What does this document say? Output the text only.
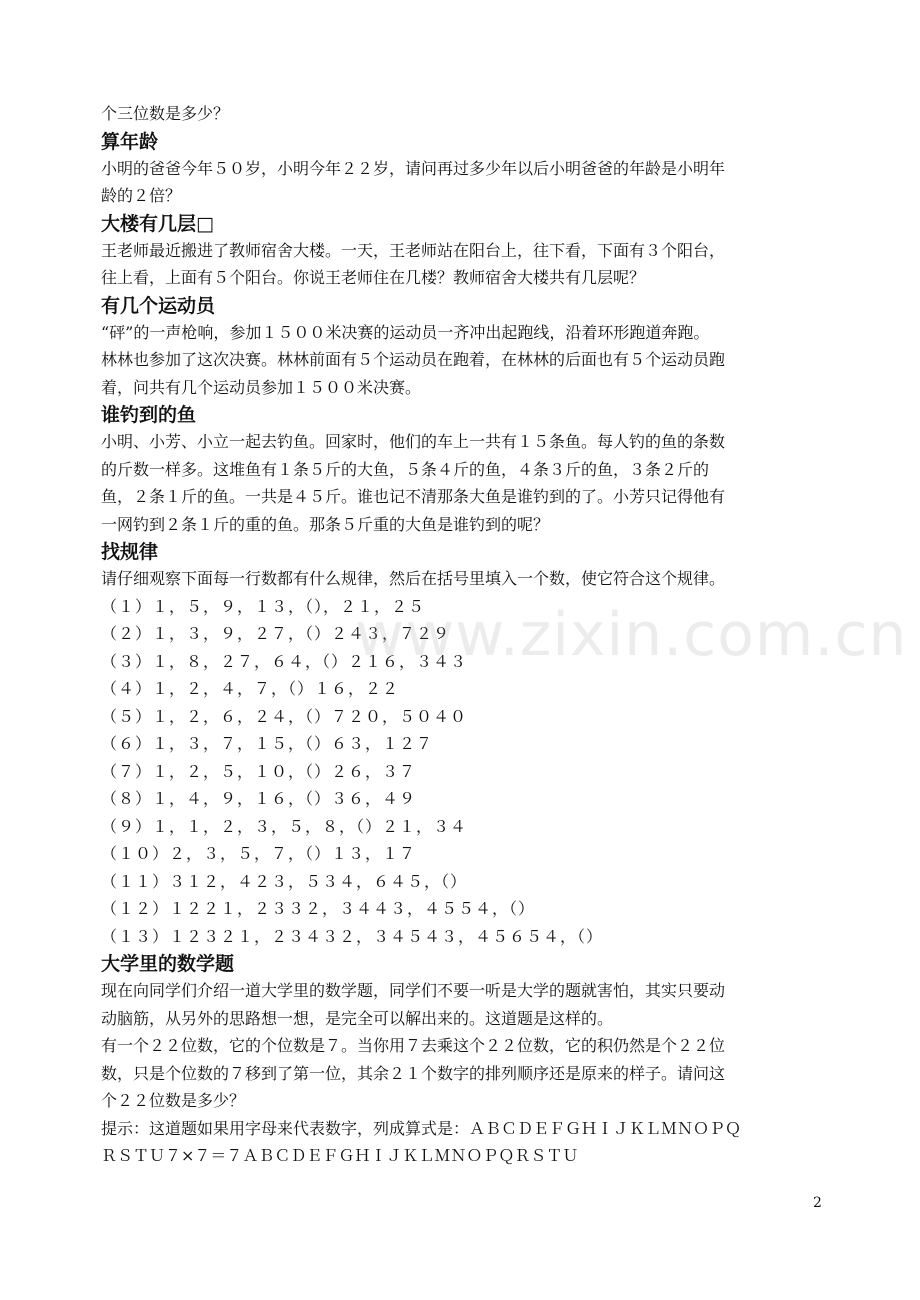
个三位数是多少？
算年龄
小明的爸爸今年５０岁，小明今年２２岁，请问再过多少年以后小明爸爸的年龄是小明年
龄的２倍？
大楼有几层□
王老师最近搬进了教师宿舍大楼。一天，王老师站在阳台上，往下看，下面有３个阳台，
往上看，上面有５个阳台。你说王老师住在几楼？教师宿舍大楼共有几层呢？
有几个运动员
“砰”的一声枪响，参加１５００米决赛的运动员一齐冲出起跑线，沿着环形跑道奔跑。
林林也参加了这次决赛。林林前面有５个运动员在跑着，在林林的后面也有５个运动员跑
着，问共有几个运动员参加１５００米决赛。
谁钓到的鱼
小明、小芳、小立一起去钓鱼。回家时，他们的车上一共有１５条鱼。每人钓的鱼的条数
的斤数一样多。这堆鱼有１条５斤的大鱼，５条４斤的鱼，４条３斤的鱼，３条２斤的
鱼，２条１斤的鱼。一共是４５斤。谁也记不清那条大鱼是谁钓到的了。小芳只记得他有
一网钓到２条１斤的重的鱼。那条５斤重的大鱼是谁钓到的呢？
找规律
请仔细观察下面每一行数都有什么规律，然后在括号里填入一个数，使它符合这个规律。
（１）１，５，９，１３，（），２１，２５
（２）１，３，９，２７，（）２４３，７２９
（３）１，８，２７，６４，（）２１６，３４３
（４）１，２，４，７，（）１６，２２
（５）１，２，６，２４，（）７２０，５０４０
（６）１，３，７，１５，（）６３，１２７
（７）１，２，５，１０，（）２６，３７
（８）１，４，９，１６，（）３６，４９
（９）１，１，２，３，５，８，（）２１，３４
（１０）２，３，５，７，（）１３，１７
（１１）３１２，４２３，５３４，６４５，（）
（１２）１２２１，２３３２，３４４３，４５５４，（）
（１３）１２３２１，２３４３２，３４５４３，４５６５４，（）
大学里的数学题
现在向同学们介绍一道大学里的数学题，同学们不要一听是大学的题就害怕，其实只要动
动脑筋，从另外的思路想一想，是完全可以解出来的。这道题是这样的。
有一个２２位数，它的个位数是７。当你用７去乘这个２２位数，它的积仍然是个２２位
数，只是个位数的７移到了第一位，其余２１个数字的排列顺序还是原来的样子。请问这
个２２位数是多少？
提示：这道题如果用字母来代表数字，列成算式是：ＡＢＣＤＥＦＧＨＩＪＫＬＭＮＯＰＱ
ＲＳＴＵ７×７＝７ＡＢＣＤＥＦＧＨＩＪＫＬＭＮＯＰＱＲＳＴＵ
www.zixin.com.cn
2
